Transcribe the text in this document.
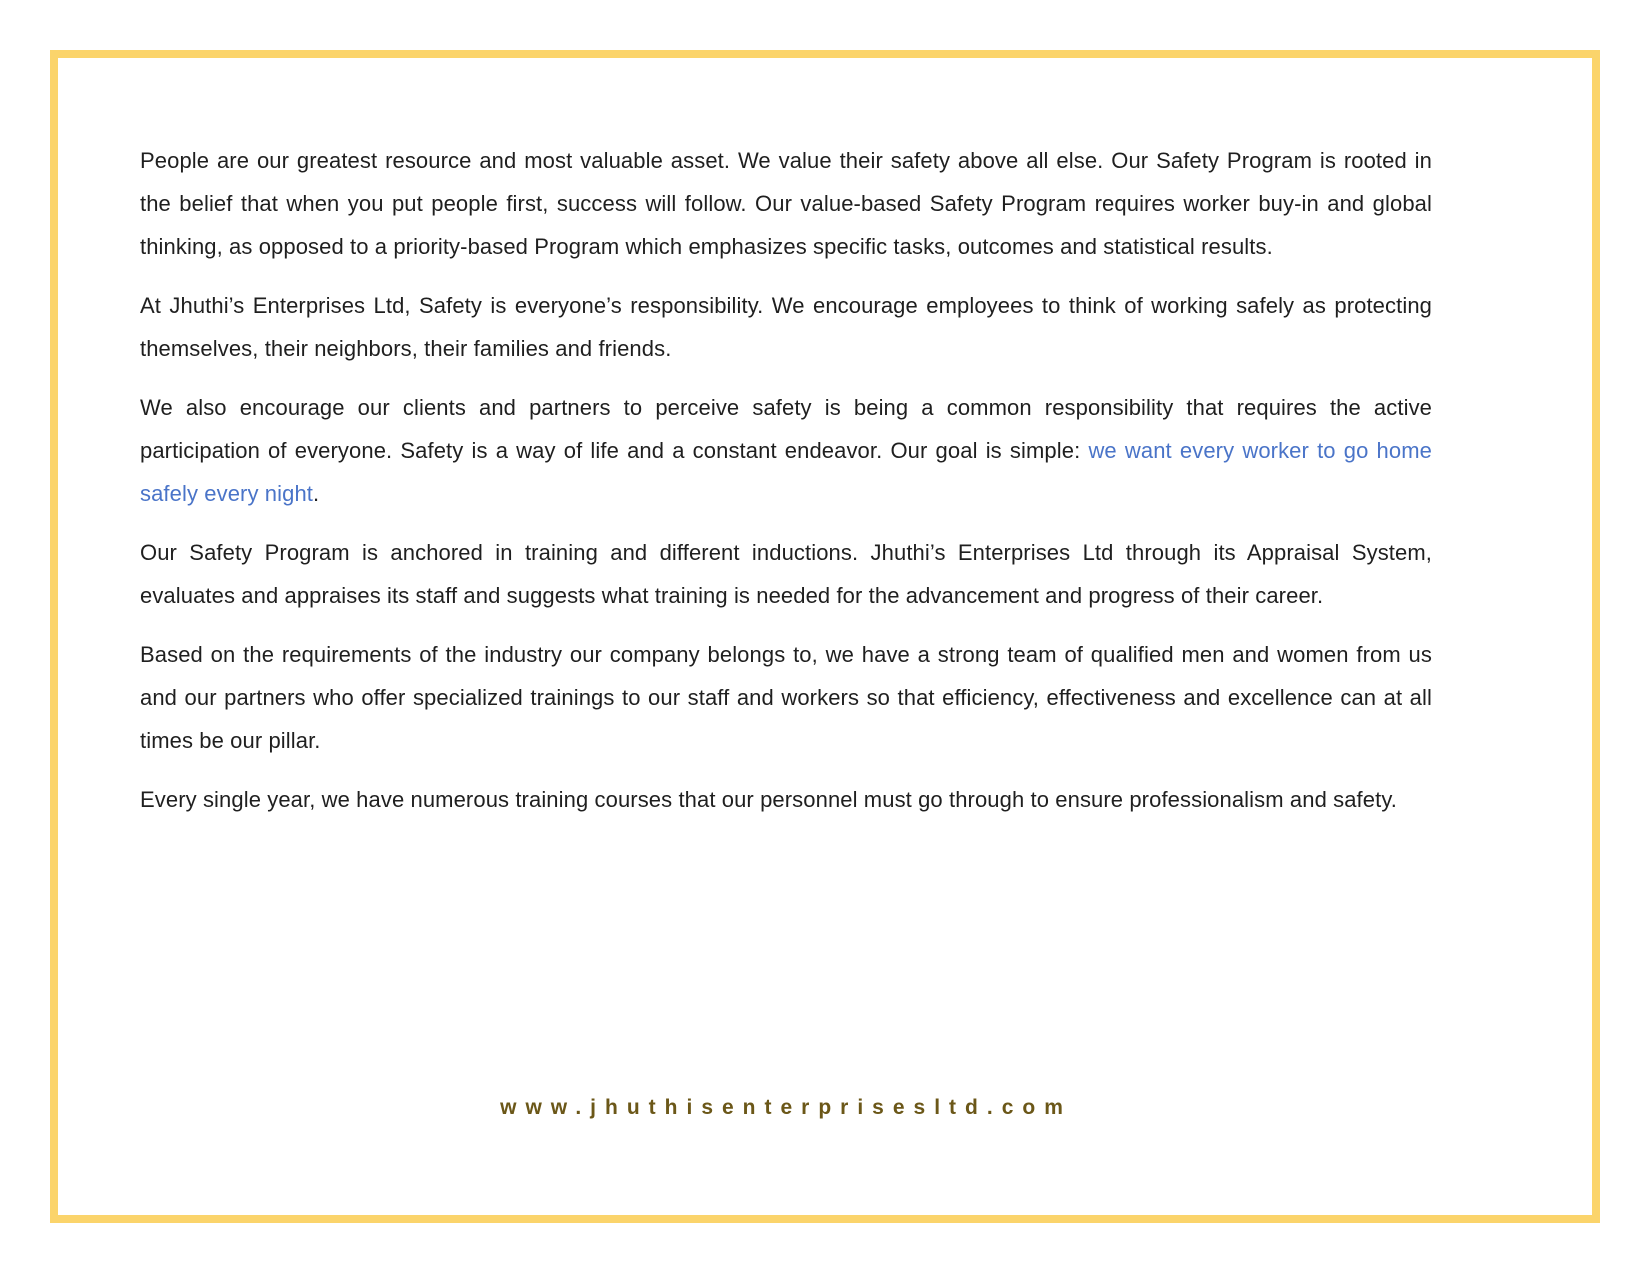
People are our greatest resource and most valuable asset. We value their safety above all else. Our Safety Program is rooted in the belief that when you put people first, success will follow. Our value-based Safety Program requires worker buy-in and global thinking, as opposed to a priority-based Program which emphasizes specific tasks, outcomes and statistical results.

At Jhuthi’s Enterprises Ltd, Safety is everyone’s responsibility. We encourage employees to think of working safely as protecting themselves, their neighbors, their families and friends.

We also encourage our clients and partners to perceive safety is being a common responsibility that requires the active participation of everyone. Safety is a way of life and a constant endeavor. Our goal is simple: we want every worker to go home safely every night.

Our Safety Program is anchored in training and different inductions. Jhuthi’s Enterprises Ltd through its Appraisal System, evaluates and appraises its staff and suggests what training is needed for the advancement and progress of their career.

Based on the requirements of the industry our company belongs to, we have a strong team of qualified men and women from us and our partners who offer specialized trainings to our staff and workers so that efficiency, effectiveness and excellence can at all times be our pillar.

Every single year, we have numerous training courses that our personnel must go through to ensure professionalism and safety.

www.jhuthisenterprisesltd.com
